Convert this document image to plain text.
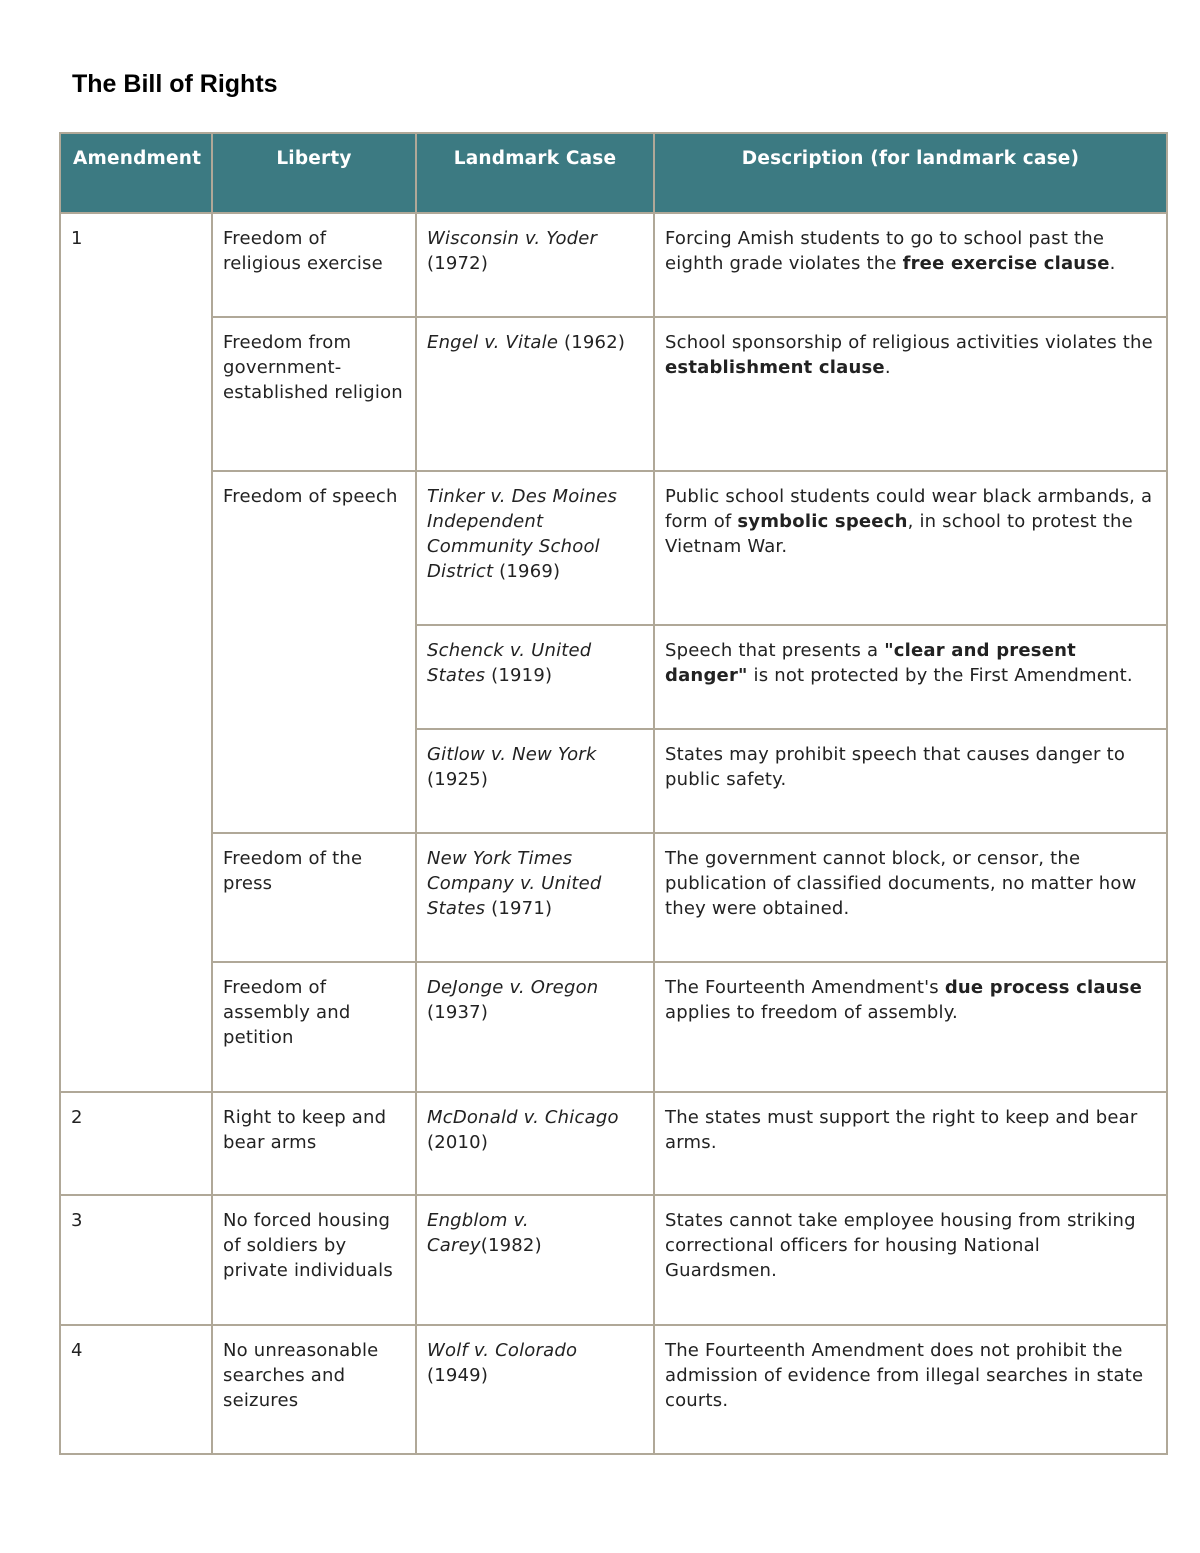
The Bill of Rights
Amendment	Liberty	Landmark Case	Description (for landmark case)
1	Freedom of religious exercise	Wisconsin v. Yoder (1972)	Forcing Amish students to go to school past the eighth grade violates the free exercise clause.
	Freedom from government-established religion	Engel v. Vitale (1962)	School sponsorship of religious activities violates the establishment clause.
	Freedom of speech	Tinker v. Des Moines Independent Community School District (1969)	Public school students could wear black armbands, a form of symbolic speech, in school to protest the Vietnam War.
		Schenck v. United States (1919)	Speech that presents a "clear and present danger" is not protected by the First Amendment.
		Gitlow v. New York (1925)	States may prohibit speech that causes danger to public safety.
	Freedom of the press	New York Times Company v. United States (1971)	The government cannot block, or censor, the publication of classified documents, no matter how they were obtained.
	Freedom of assembly and petition	DeJonge v. Oregon (1937)	The Fourteenth Amendment's due process clause applies to freedom of assembly.
2	Right to keep and bear arms	McDonald v. Chicago (2010)	The states must support the right to keep and bear arms.
3	No forced housing of soldiers by private individuals	Engblom v. Carey(1982)	States cannot take employee housing from striking correctional officers for housing National Guardsmen.
4	No unreasonable searches and seizures	Wolf v. Colorado (1949)	The Fourteenth Amendment does not prohibit the admission of evidence from illegal searches in state courts.
